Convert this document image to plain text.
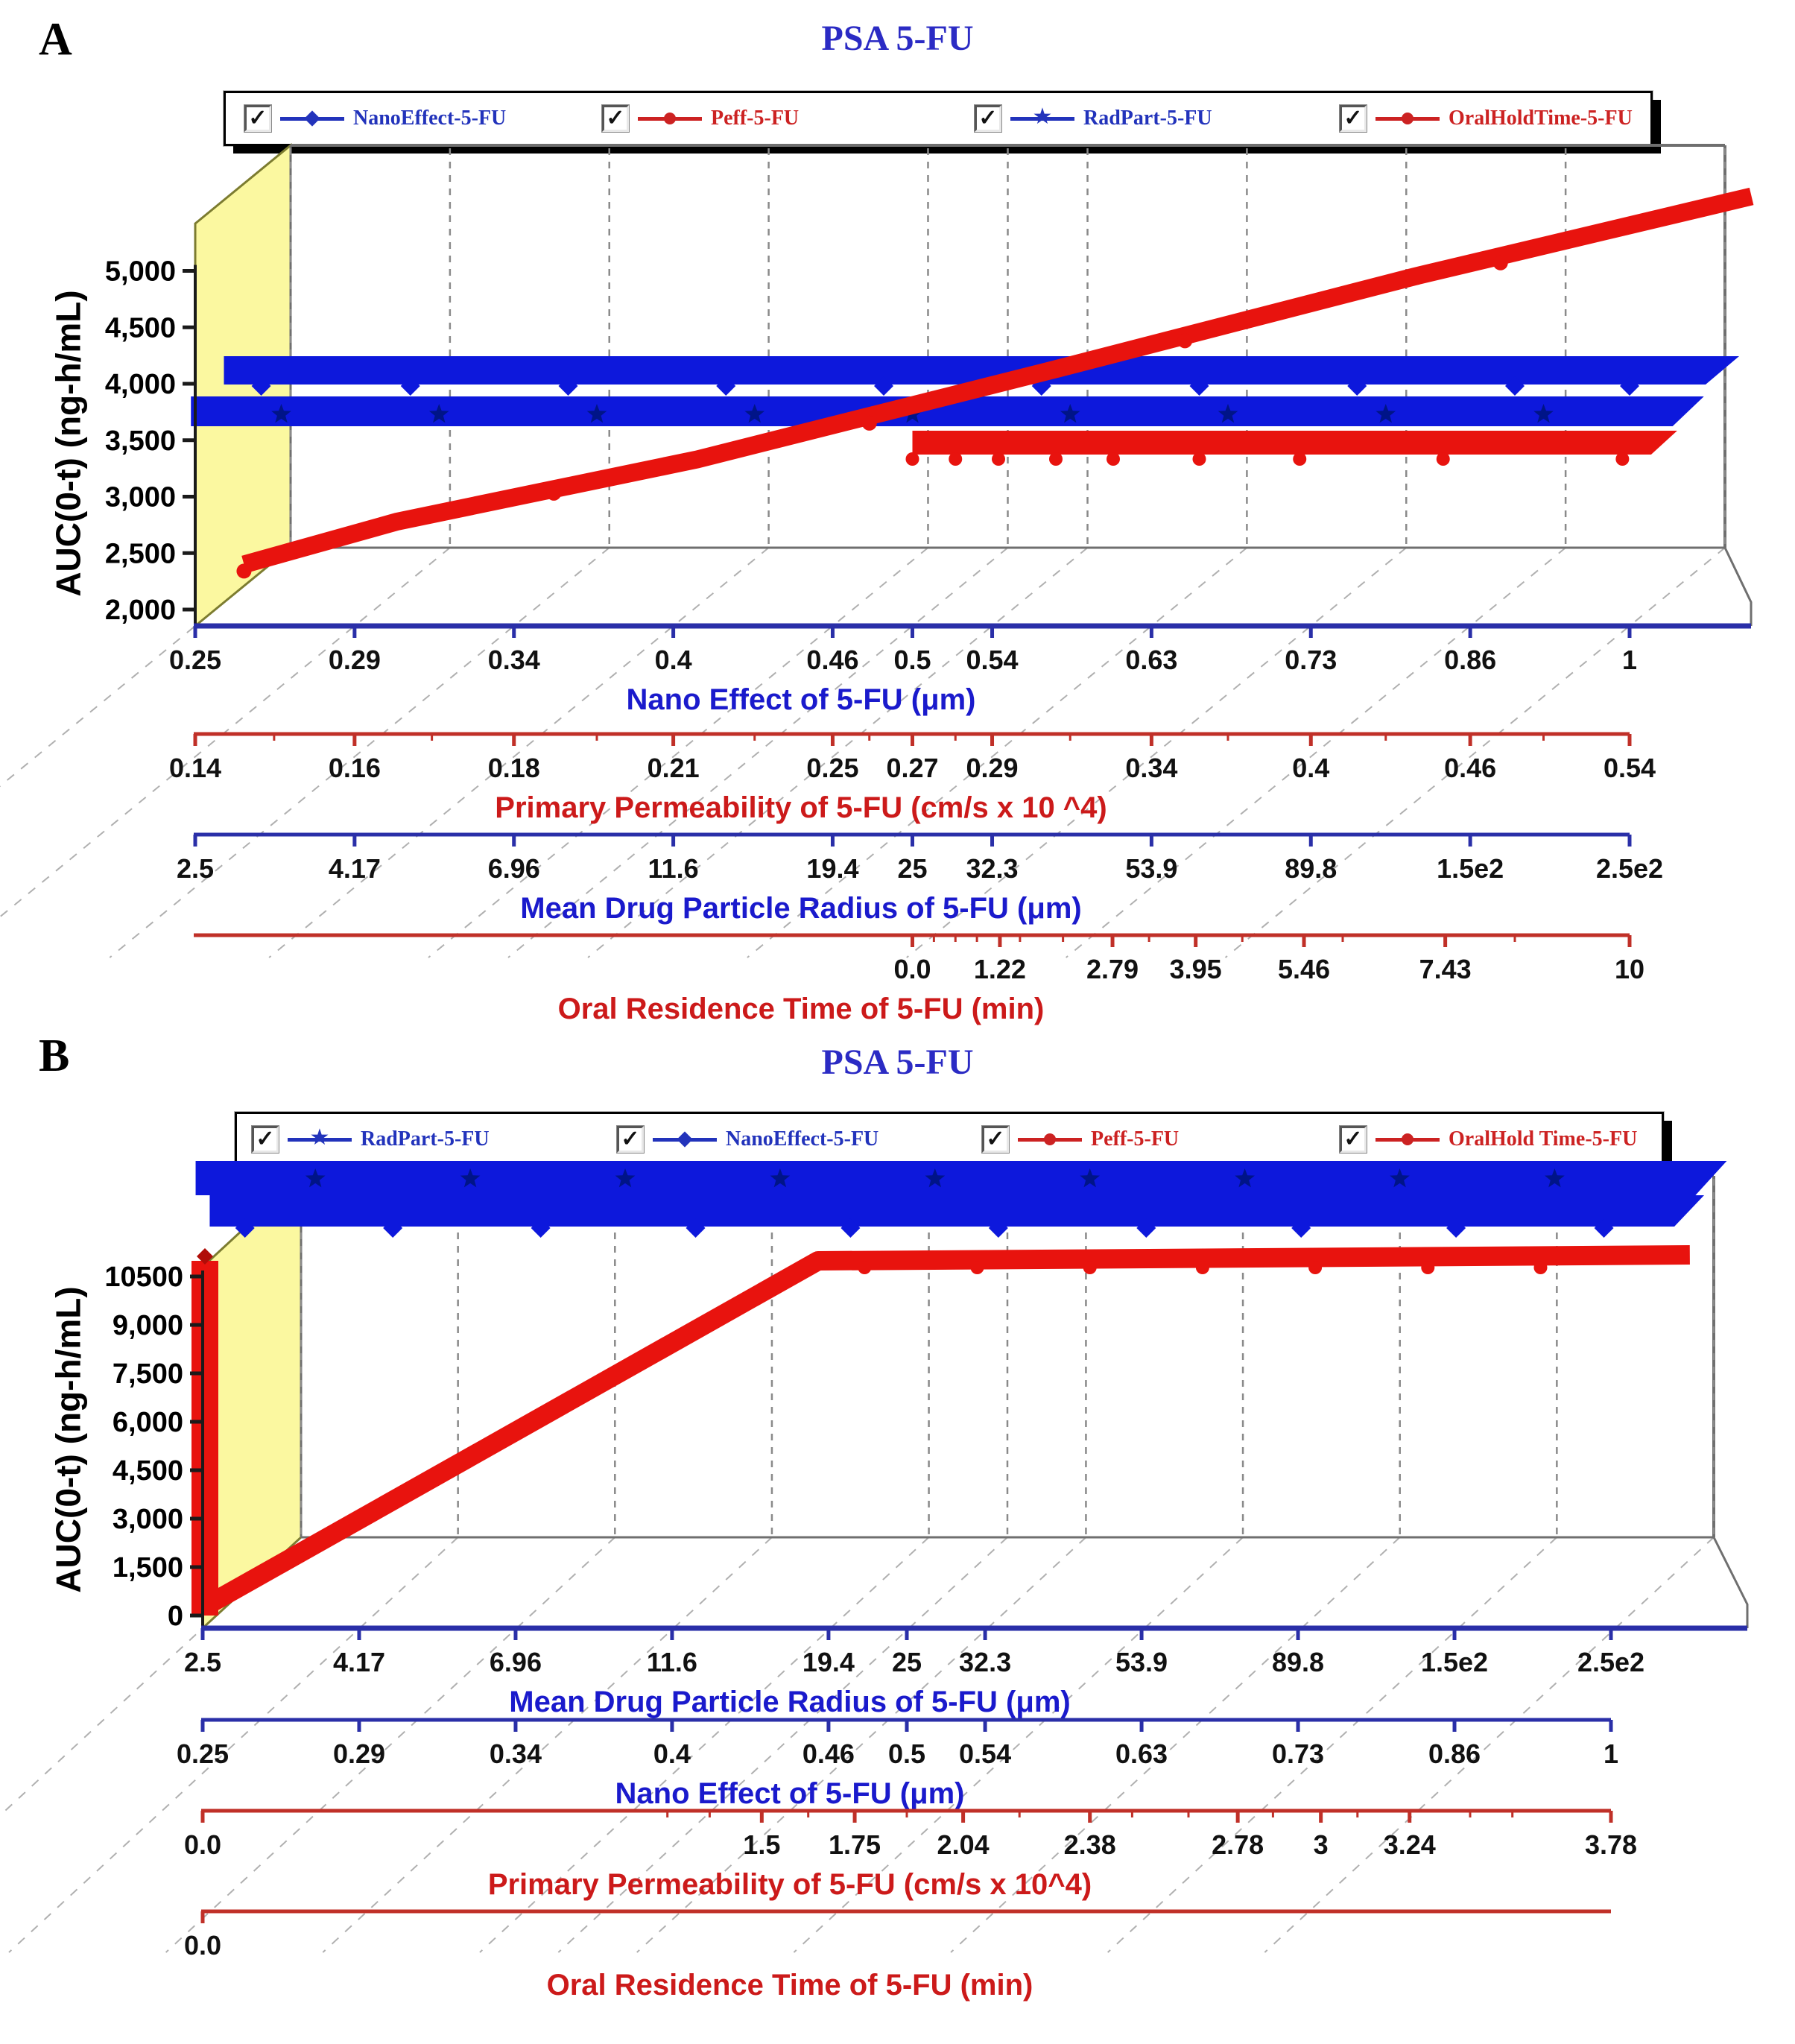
A	PSA 5-FU
✓	NanoEffect-5-FU	✓	Peff-5-FU	✓ ★ RadPart-5-FU	✓	OralHoldTime-5-FU
AUC(0-t) (ng-h/mL)
B	PSA 5-FU
✓ ★ RadPart-5-FU	✓	NanoEffect-5-FU	✓	Peff-5-FU	✓	OralHold Time-5-FU
AUC(0-t) (ng-h/mL)
5,000
4,500
4,000
3,500
3,000
2,500
2,000
0.25	0.29	0.34	0.4	0.46 0.5 0.54	0.63	0.73	0.86	1
Nano Effect of 5-FU (μm)
0.14	0.16	0.18	0.21	0.25 0.27 0.29	0.34	0.4	0.46	0.54
Primary Permeability of 5-FU (cm/s x 10 ^4)
2.5	4.17	6.96	11.6	19.4 25 32.3	53.9	89.8	1.5e2	2.5e2
Mean Drug Particle Radius of 5-FU (μm)
0.0 1.22 2.79 3.95 5.46	7.43	10
Oral Residence Time of 5-FU (min)
10500
9,000
7,500
6,000
4,500
3,000
1,500
0
2.5	4.17	6.96	11.6	19.4 25 32.3	53.9	89.8	1.5e2	2.5e2
Mean Drug Particle Radius of 5-FU (μm)
0.25	0.29	0.34	0.4	0.46 0.5 0.54	0.63	0.73	0.86	1
Nano Effect of 5-FU (μm)
0.0	1.5 1.75 2.04	2.38	2.78 3 3.24	3.78
Primary Permeability of 5-FU (cm/s x 10^4)
0.0
Oral Residence Time of 5-FU (min)
